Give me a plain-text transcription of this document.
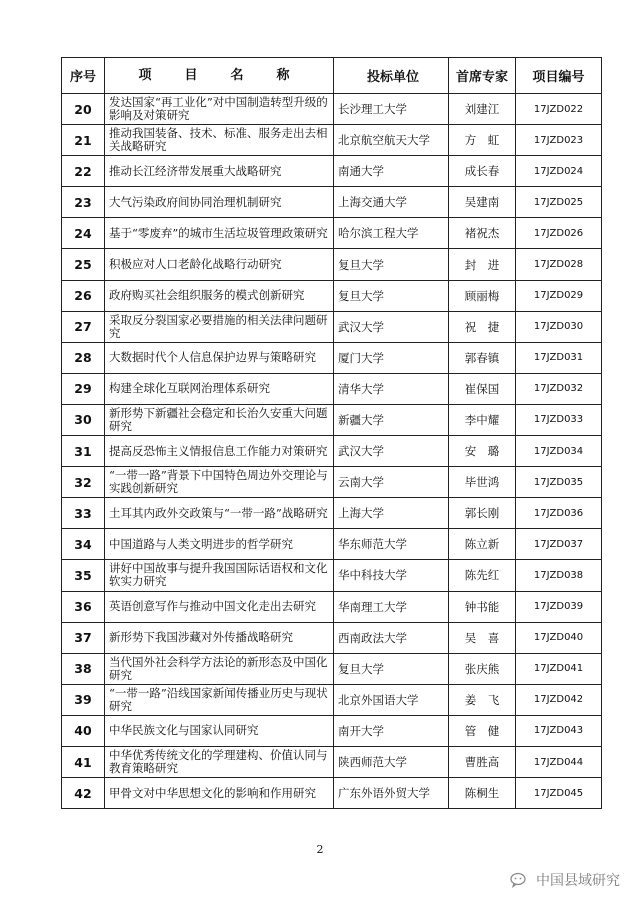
序号	项　目　名　称	投标单位	首席专家	项目编号
20	发达国家“再工业化”对中国制造转型升级的影响及对策研究	长沙理工大学	刘建江	17JZD022
21	推动我国装备、技术、标准、服务走出去相关战略研究	北京航空航天大学	方　虹	17JZD023
22	推动长江经济带发展重大战略研究	南通大学	成长春	17JZD024
23	大气污染政府间协同治理机制研究	上海交通大学	吴建南	17JZD025
24	基于“零废弃”的城市生活垃圾管理政策研究	哈尔滨工程大学	褚祝杰	17JZD026
25	积极应对人口老龄化战略行动研究	复旦大学	封　进	17JZD028
26	政府购买社会组织服务的模式创新研究	复旦大学	顾丽梅	17JZD029
27	采取反分裂国家必要措施的相关法律问题研究	武汉大学	祝　捷	17JZD030
28	大数据时代个人信息保护边界与策略研究	厦门大学	郭春镇	17JZD031
29	构建全球化互联网治理体系研究	清华大学	崔保国	17JZD032
30	新形势下新疆社会稳定和长治久安重大问题研究	新疆大学	李中耀	17JZD033
31	提高反恐怖主义情报信息工作能力对策研究	武汉大学	安　璐	17JZD034
32	“一带一路”背景下中国特色周边外交理论与实践创新研究	云南大学	毕世鸿	17JZD035
33	土耳其内政外交政策与“一带一路”战略研究	上海大学	郭长刚	17JZD036
34	中国道路与人类文明进步的哲学研究	华东师范大学	陈立新	17JZD037
35	讲好中国故事与提升我国国际话语权和文化软实力研究	华中科技大学	陈先红	17JZD038
36	英语创意写作与推动中国文化走出去研究	华南理工大学	钟书能	17JZD039
37	新形势下我国涉藏对外传播战略研究	西南政法大学	吴　喜	17JZD040
38	当代国外社会科学方法论的新形态及中国化研究	复旦大学	张庆熊	17JZD041
39	“一带一路”沿线国家新闻传播业历史与现状研究	北京外国语大学	姜　飞	17JZD042
40	中华民族文化与国家认同研究	南开大学	管　健	17JZD043
41	中华优秀传统文化的学理建构、价值认同与教育策略研究	陕西师范大学	曹胜高	17JZD044
42	甲骨文对中华思想文化的影响和作用研究	广东外语外贸大学	陈桐生	17JZD045
2
中国县域研究
